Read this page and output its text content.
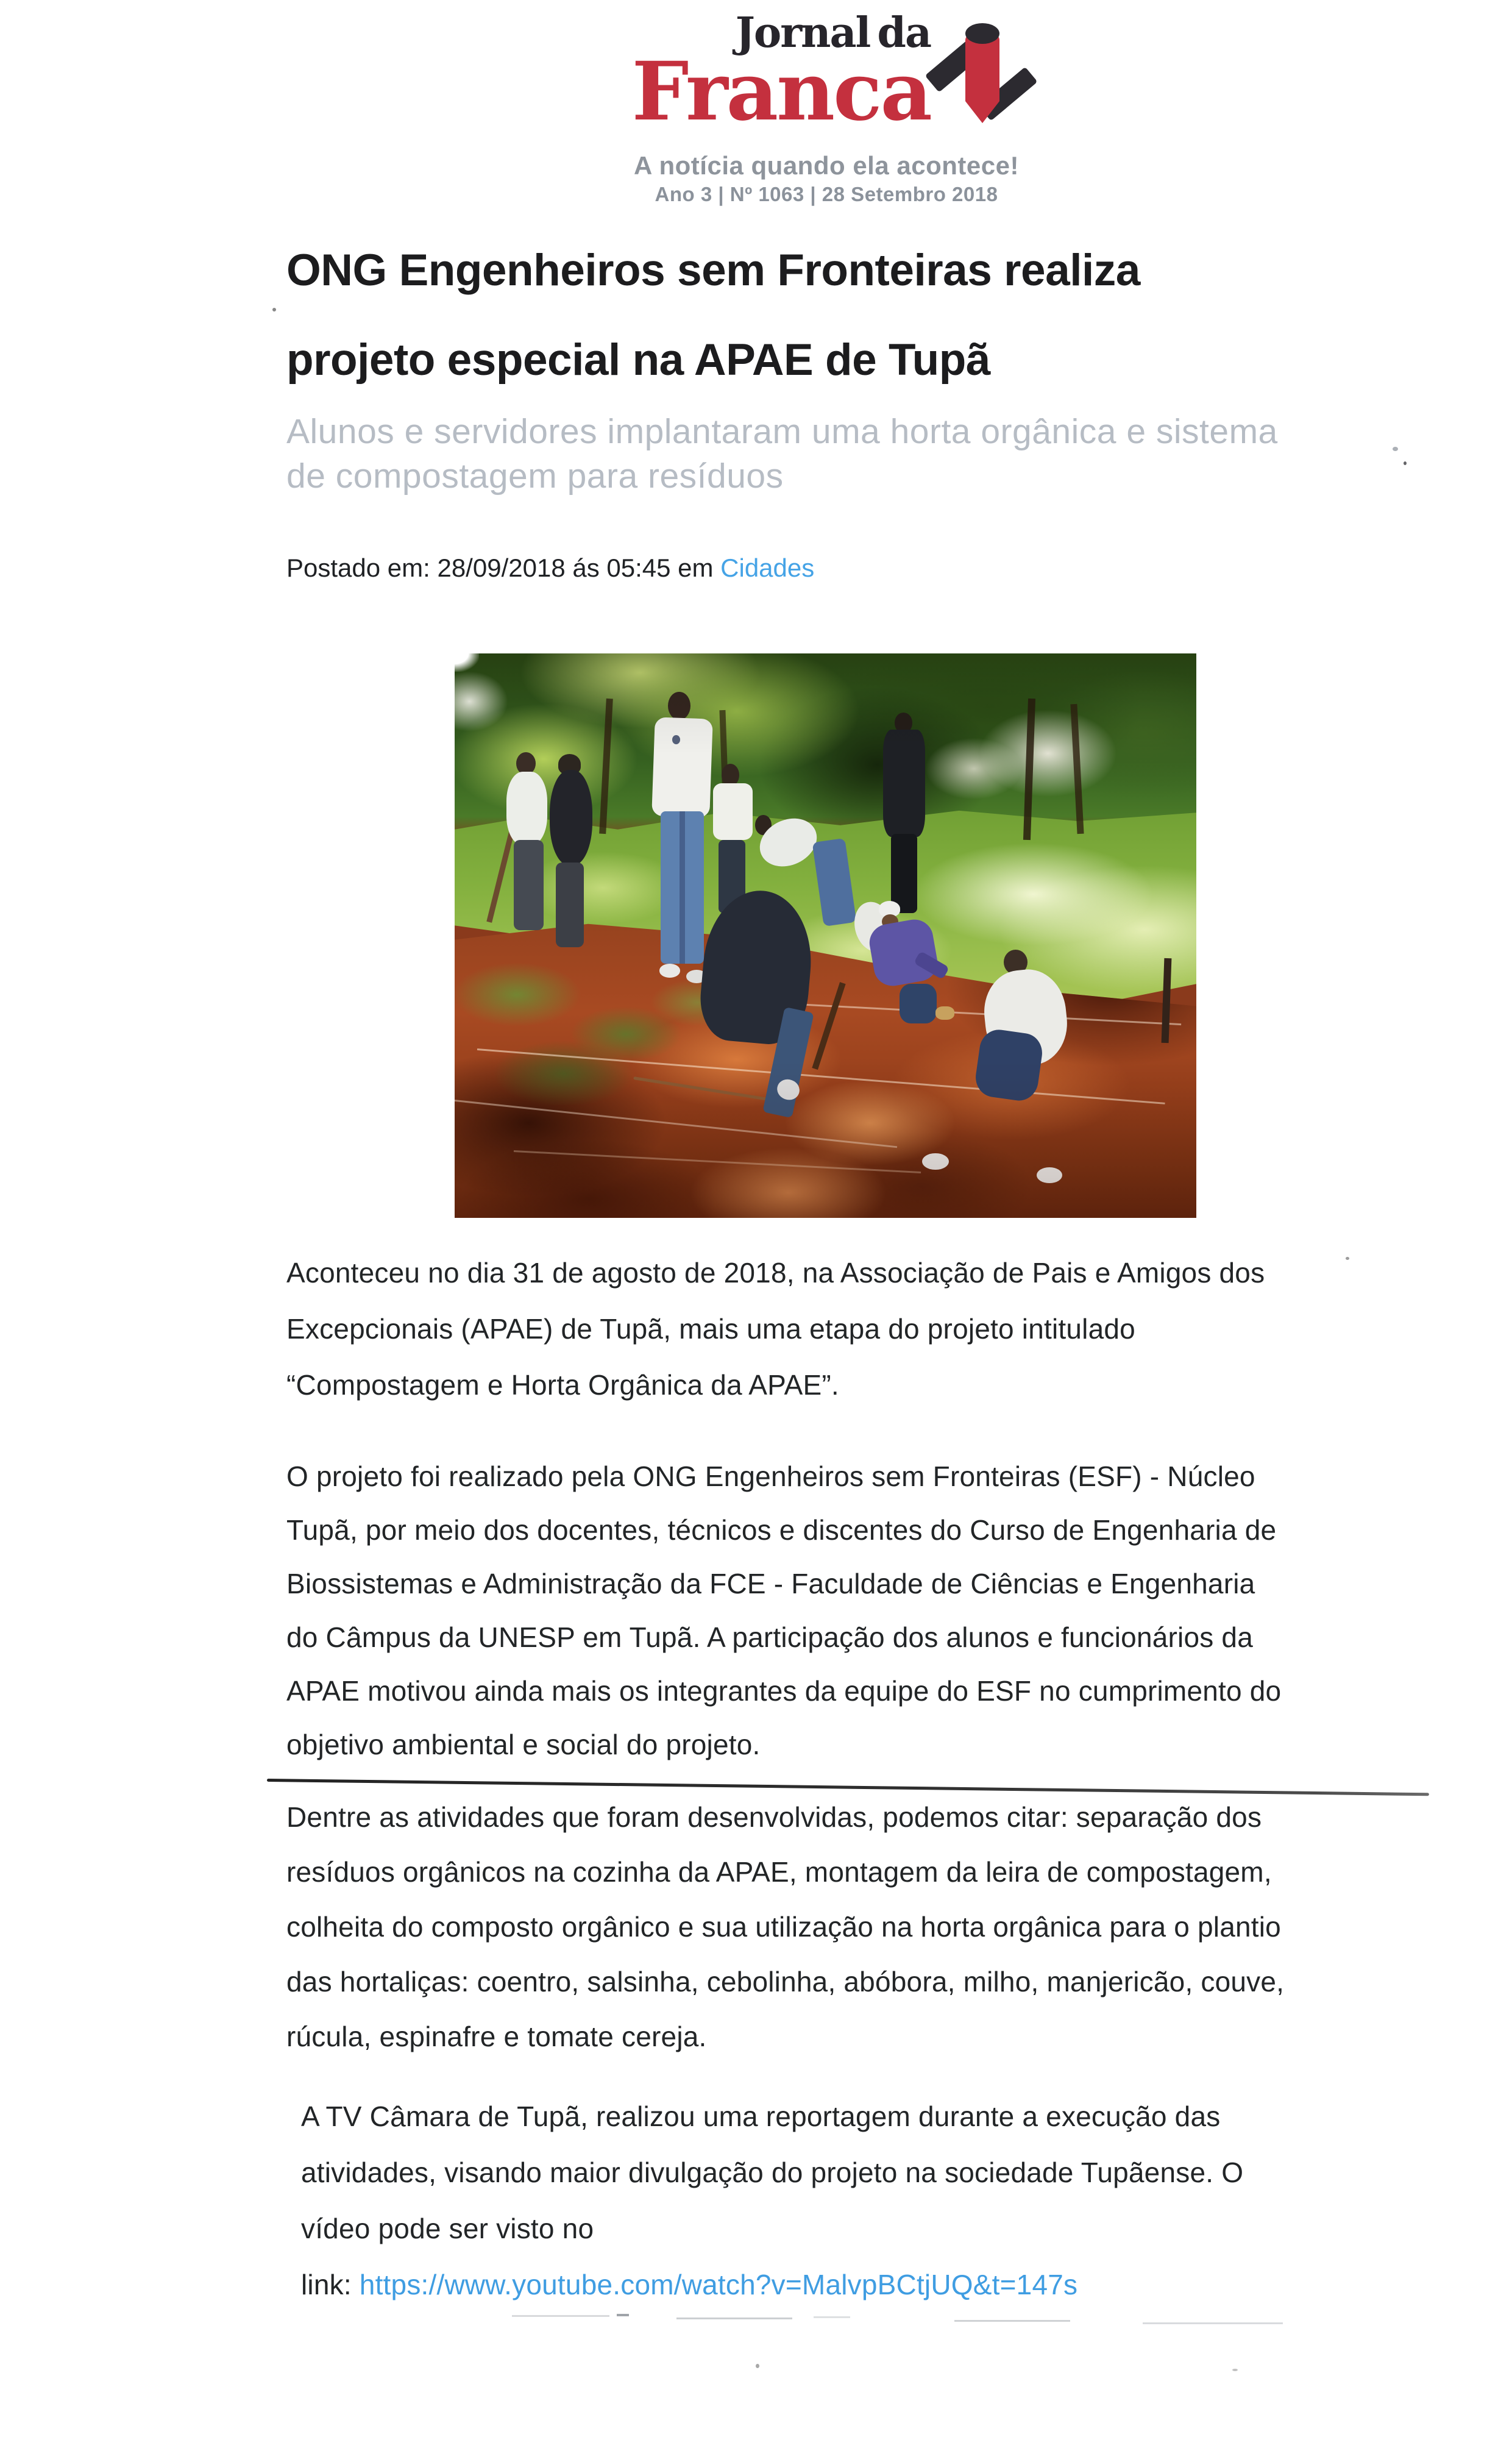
Jornal da
Franca
A notícia quando ela acontece!
Ano 3 | Nº 1063 | 28 Setembro 2018
ONG Engenheiros sem Fronteiras realiza
projeto especial na APAE de Tupã
Alunos e servidores implantaram uma horta orgânica e sistema
de compostagem para resíduos
Postado em: 28/09/2018 ás 05:45 em Cidades
Aconteceu no dia 31 de agosto de 2018, na Associação de Pais e Amigos dos
Excepcionais (APAE) de Tupã, mais uma etapa do projeto intitulado
“Compostagem e Horta Orgânica da APAE”.
O projeto foi realizado pela ONG Engenheiros sem Fronteiras (ESF) - Núcleo
Tupã, por meio dos docentes, técnicos e discentes do Curso de Engenharia de
Biossistemas e Administração da FCE - Faculdade de Ciências e Engenharia
do Câmpus da UNESP em Tupã. A participação dos alunos e funcionários da
APAE motivou ainda mais os integrantes da equipe do ESF no cumprimento do
objetivo ambiental e social do projeto.
Dentre as atividades que foram desenvolvidas, podemos citar: separação dos
resíduos orgânicos na cozinha da APAE, montagem da leira de compostagem,
colheita do composto orgânico e sua utilização na horta orgânica para o plantio
das hortaliças: coentro, salsinha, cebolinha, abóbora, milho, manjericão, couve,
rúcula, espinafre e tomate cereja.
A TV Câmara de Tupã, realizou uma reportagem durante a execução das
atividades, visando maior divulgação do projeto na sociedade Tupãense. O
vídeo pode ser visto no
link: https://www.youtube.com/watch?v=MalvpBCtjUQ&t=147s
